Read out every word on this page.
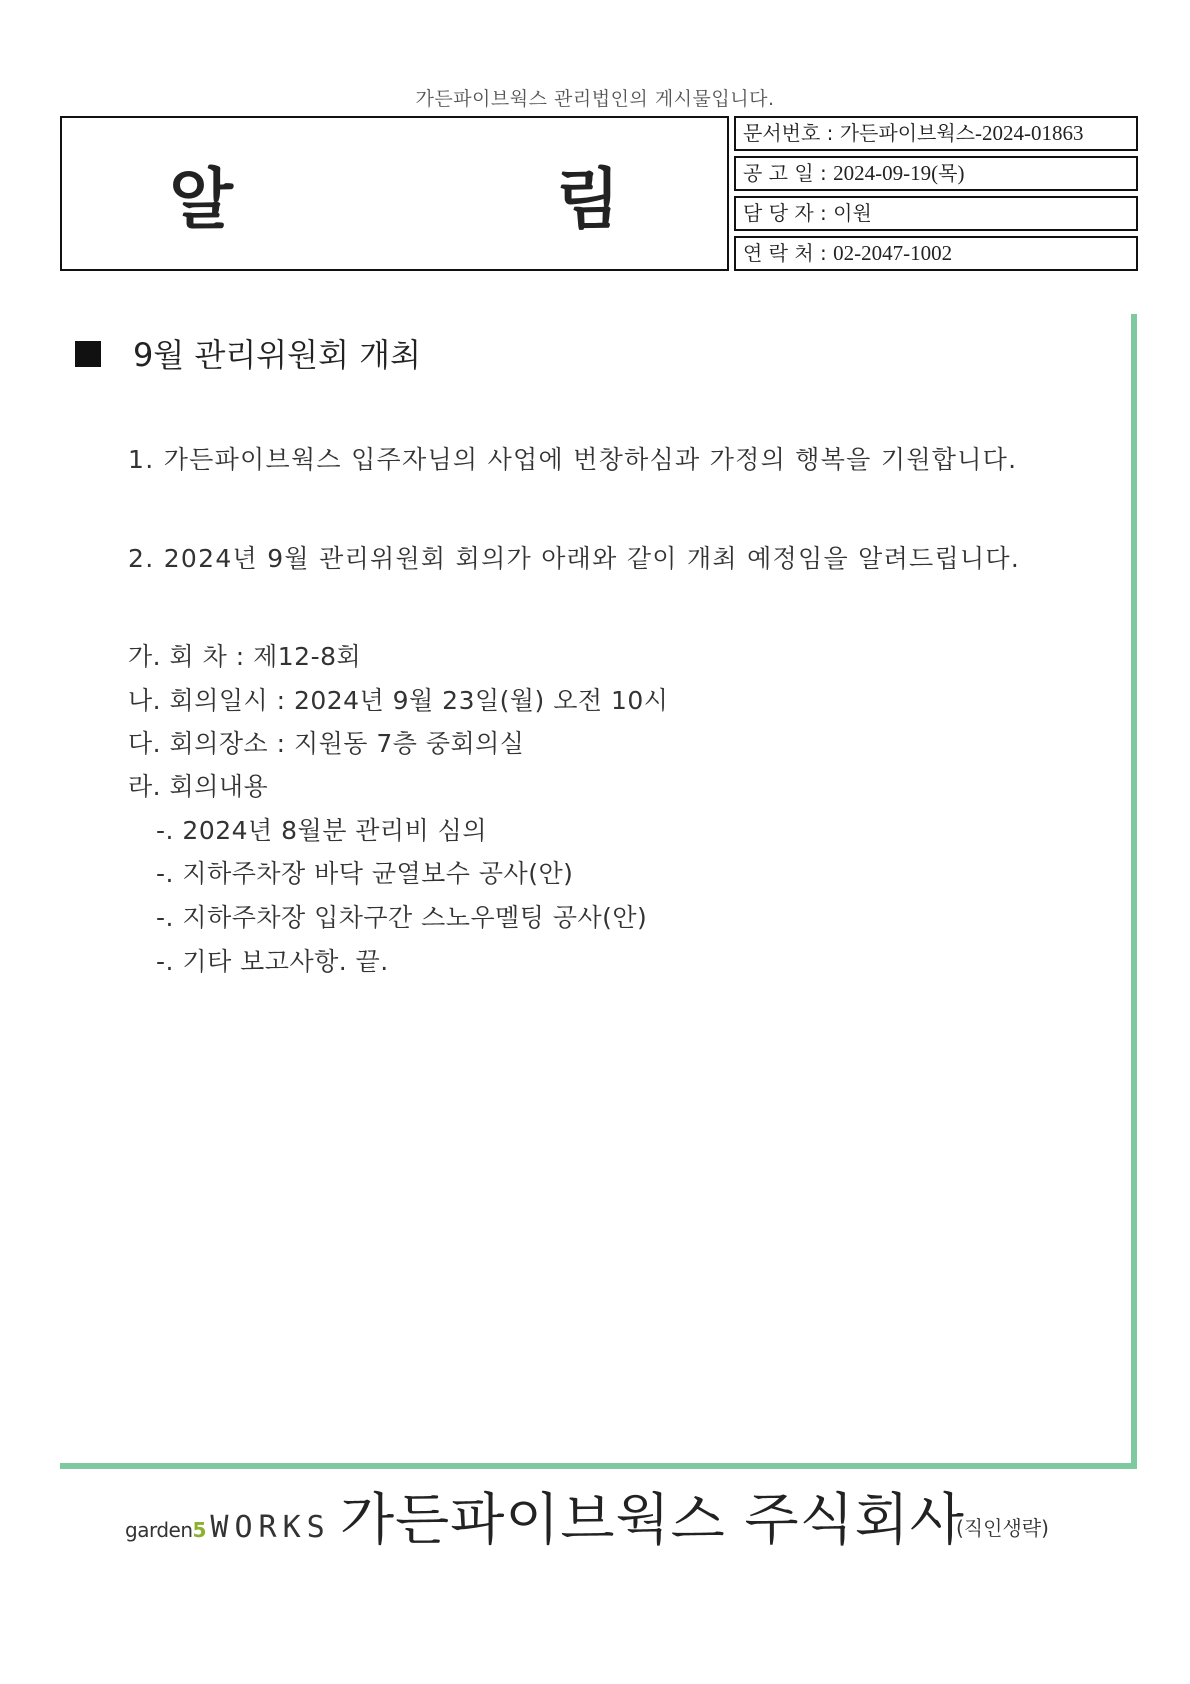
가든파이브웍스 관리법인의 게시물입니다.
알 림
문서번호 : 가든파이브웍스-2024-01863
공 고 일 : 2024-09-19(목)
담 당 자 : 이원
연 락 처 : 02-2047-1002
9월 관리위원회 개최
1. 가든파이브웍스 입주자님의 사업에 번창하심과 가정의 행복을 기원합니다.
2. 2024년 9월 관리위원회 회의가 아래와 같이 개최 예정임을 알려드립니다.
가. 회 차 : 제12-8회
나. 회의일시 : 2024년 9월 23일(월) 오전 10시
다. 회의장소 : 지원동 7층 중회의실
라. 회의내용
-. 2024년 8월분 관리비 심의
-. 지하주차장 바닥 균열보수 공사(안)
-. 지하주차장 입차구간 스노우멜팅 공사(안)
-. 기타 보고사항. 끝.
garden5 WORKS 가든파이브웍스 주식회사
(직인생략)
